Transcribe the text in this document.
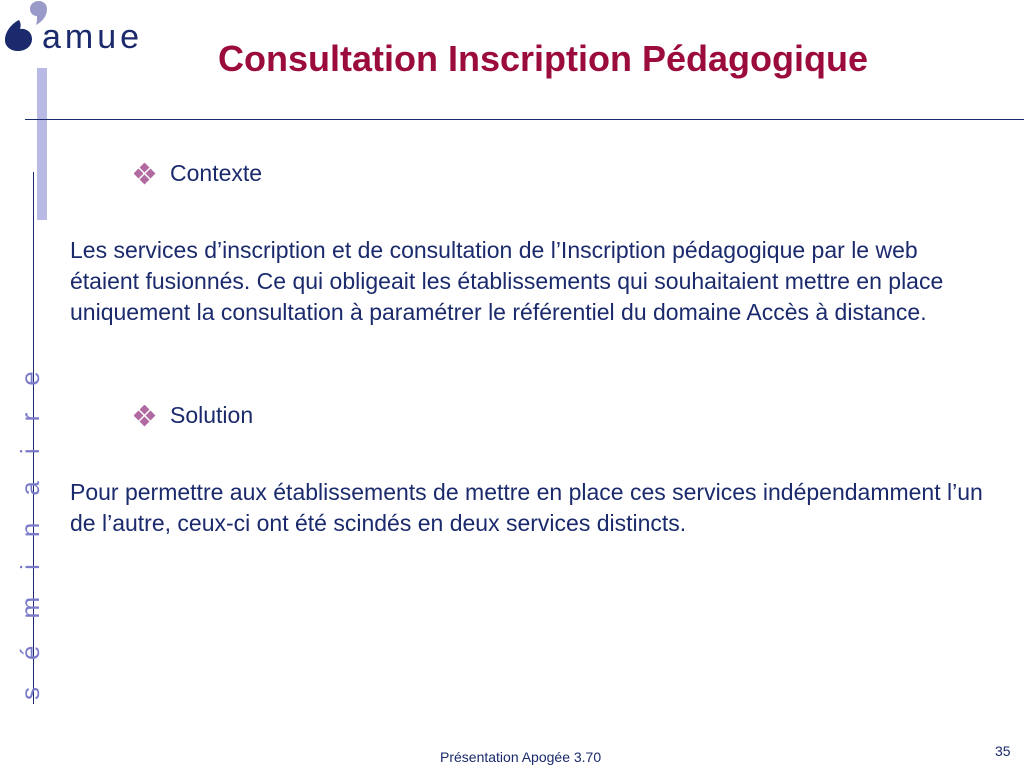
amue
Consultation Inscription Pédagogique
séminaire
Contexte
Les services d’inscription et de consultation de l’Inscription pédagogique par le web étaient fusionnés. Ce qui obligeait les établissements qui souhaitaient mettre en place uniquement la consultation à paramétrer le référentiel du domaine Accès à distance.
Solution
Pour permettre aux établissements de mettre en place ces services indépendamment l’un de l’autre, ceux-ci ont été scindés en deux services distincts.
Présentation Apogée 3.70	35
